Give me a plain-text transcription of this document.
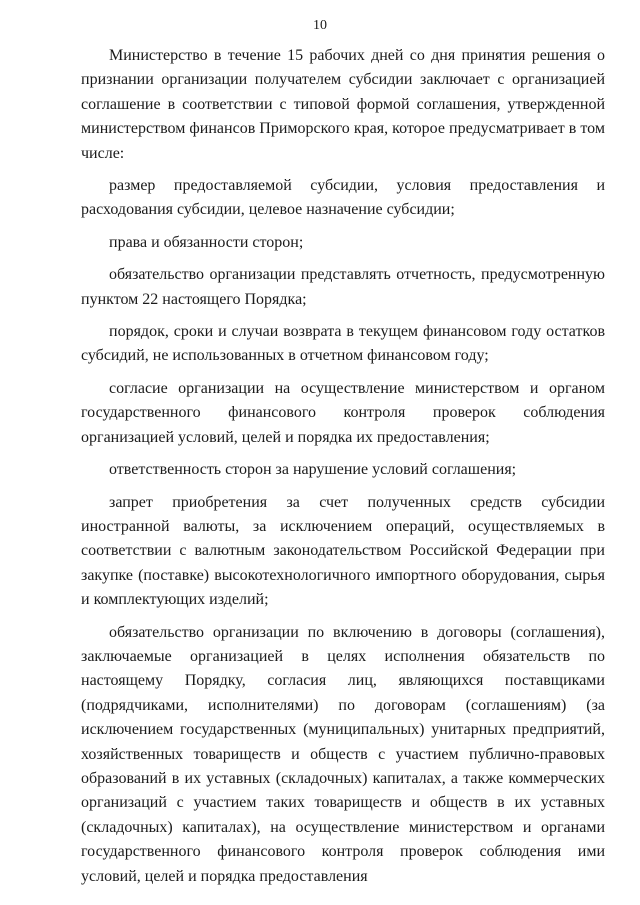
10

Министерство в течение 15 рабочих дней со дня принятия решения о признании организации получателем субсидии заключает с организацией соглашение в соответствии с типовой формой соглашения, утвержденной министерством финансов Приморского края, которое предусматривает в том числе:

размер предоставляемой субсидии, условия предоставления и расходования субсидии, целевое назначение субсидии;

права и обязанности сторон;

обязательство организации представлять отчетность, предусмотренную пунктом 22 настоящего Порядка;

порядок, сроки и случаи возврата в текущем финансовом году остатков субсидий, не использованных в отчетном финансовом году;

согласие организации на осуществление министерством и органом государственного финансового контроля проверок соблюдения организацией условий, целей и порядка их предоставления;

ответственность сторон за нарушение условий соглашения;

запрет приобретения за счет полученных средств субсидии иностранной валюты, за исключением операций, осуществляемых в соответствии с валютным законодательством Российской Федерации при закупке (поставке) высокотехнологичного импортного оборудования, сырья и комплектующих изделий;

обязательство организации по включению в договоры (соглашения), заключаемые организацией в целях исполнения обязательств по настоящему Порядку, согласия лиц, являющихся поставщиками (подрядчиками, исполнителями) по договорам (соглашениям) (за исключением государственных (муниципальных) унитарных предприятий, хозяйственных товариществ и обществ с участием публично-правовых образований в их уставных (складочных) капиталах, а также коммерческих организаций с участием таких товариществ и обществ в их уставных (складочных) капиталах), на осуществление министерством и органами государственного финансового контроля проверок соблюдения ими условий, целей и порядка предоставления
